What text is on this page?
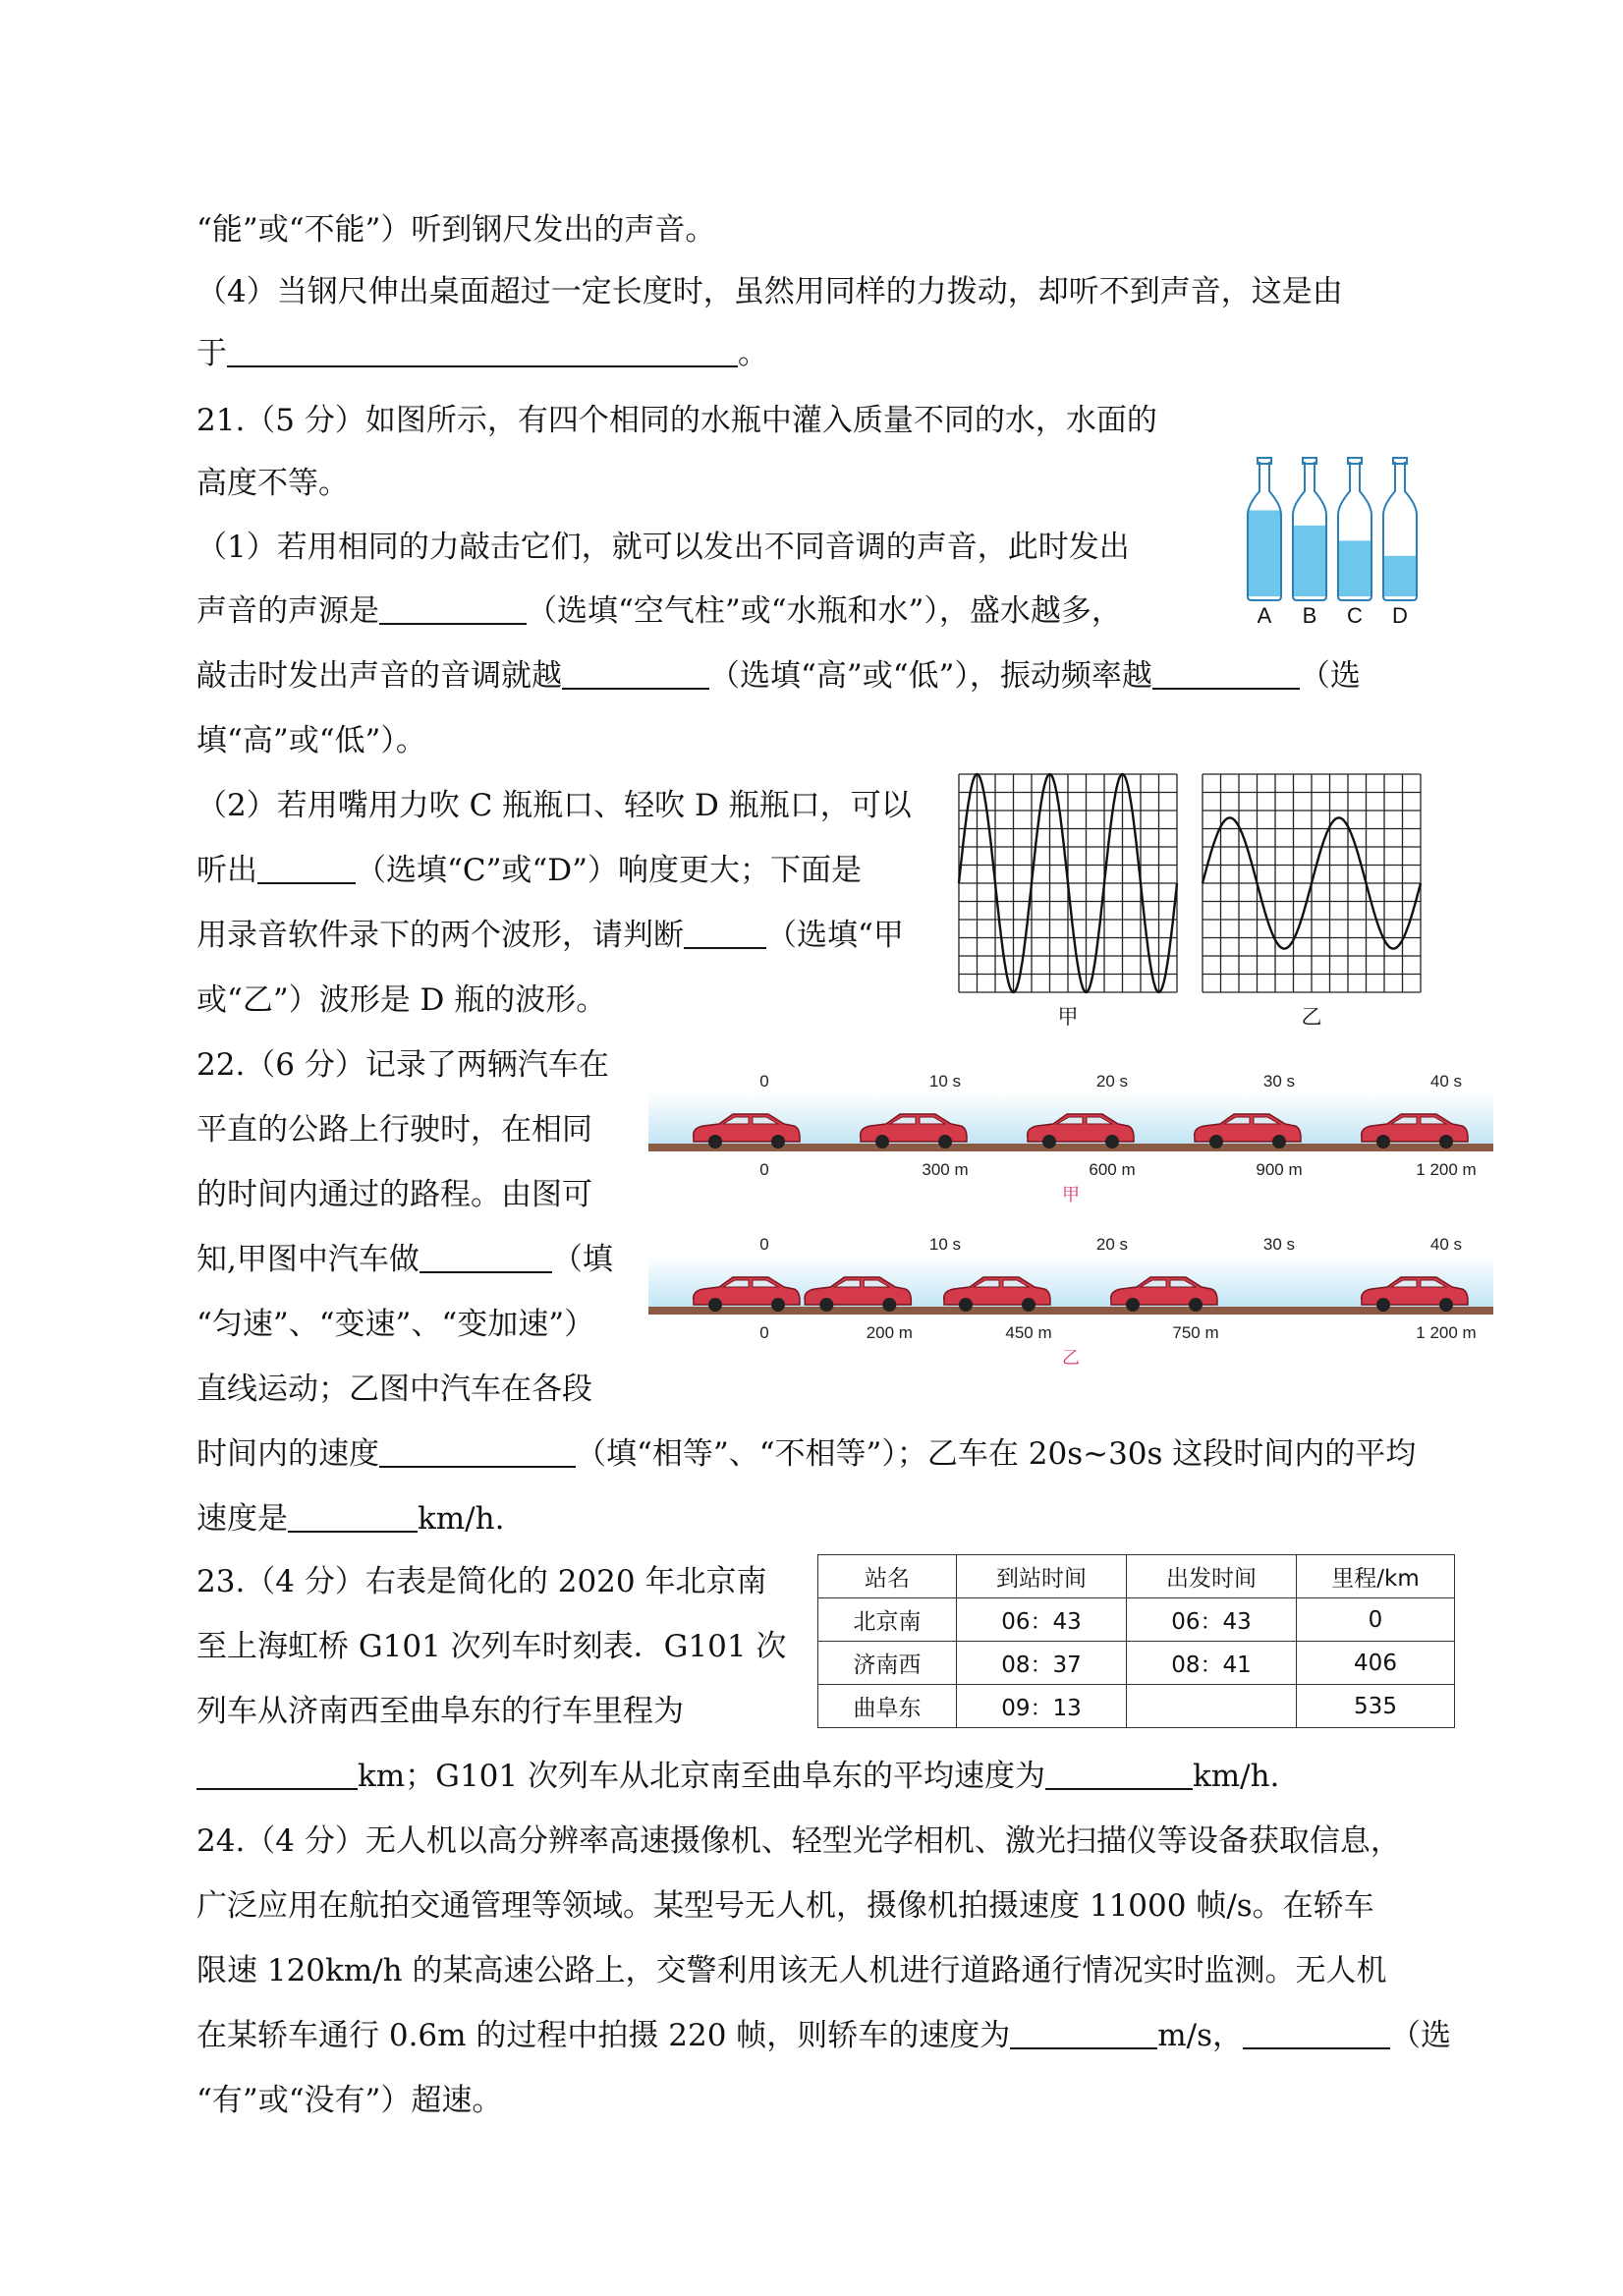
“能”或“不能”）听到钢尺发出的声音。
（4）当钢尺伸出桌面超过一定长度时，虽然用同样的力拨动，却听不到声音，这是由
于	。
21.（5 分）如图所示，有四个相同的水瓶中灌入质量不同的水，水面的
高度不等。
（1）若用相同的力敲击它们，就可以发出不同音调的声音，此时发出
声音的声源是	（选填“空气柱”或“水瓶和水”），盛水越多，
敲击时发出声音的音调就越	（选填“高”或“低”），振动频率越	（选
填“高”或“低”）。
（2）若用嘴用力吹 C 瓶瓶口、轻吹 D 瓶瓶口，可以
听出	（选填“C”或“D”）响度更大；下面是
用录音软件录下的两个波形，请判断	（选填“甲
或“乙”）波形是 D 瓶的波形。
22.（6 分）记录了两辆汽车在
平直的公路上行驶时，在相同
的时间内通过的路程。由图可
知,甲图中汽车做	（填
“匀速”、“变速”、“变加速”）
直线运动；乙图中汽车在各段
时间内的速度	（填“相等”、“不相等”）；乙车在 20s~30s 这段时间内的平均
速度是	km/h.
23.（4 分）右表是简化的 2020 年北京南
至上海虹桥 G101 次列车时刻表．G101 次
列车从济南西至曲阜东的行车里程为
km；G101 次列车从北京南至曲阜东的平均速度为	km/h.
24.（4 分）无人机以高分辨率高速摄像机、轻型光学相机、激光扫描仪等设备获取信息，
广泛应用在航拍交通管理等领域。某型号无人机，摄像机拍摄速度 11000 帧/s。在轿车
限速 120km/h 的某高速公路上，交警利用该无人机进行道路通行情况实时监测。无人机
在某轿车通行 0.6m 的过程中拍摄 220 帧，则轿车的速度为	m/s，	（选
“有”或“没有”）超速。
A B C D
甲	乙
0	10 s	20 s	30 s	40 s
0	300 m	600 m	900 m	1 200 m
甲
0	10 s	20 s	30 s	40 s
0	200 m	450 m	750 m	1 200 m
乙
站名	到站时间	出发时间	里程/km
北京南	06：43	06：43	0
济南西	08：37	08：41	406
曲阜东	09：13		535
